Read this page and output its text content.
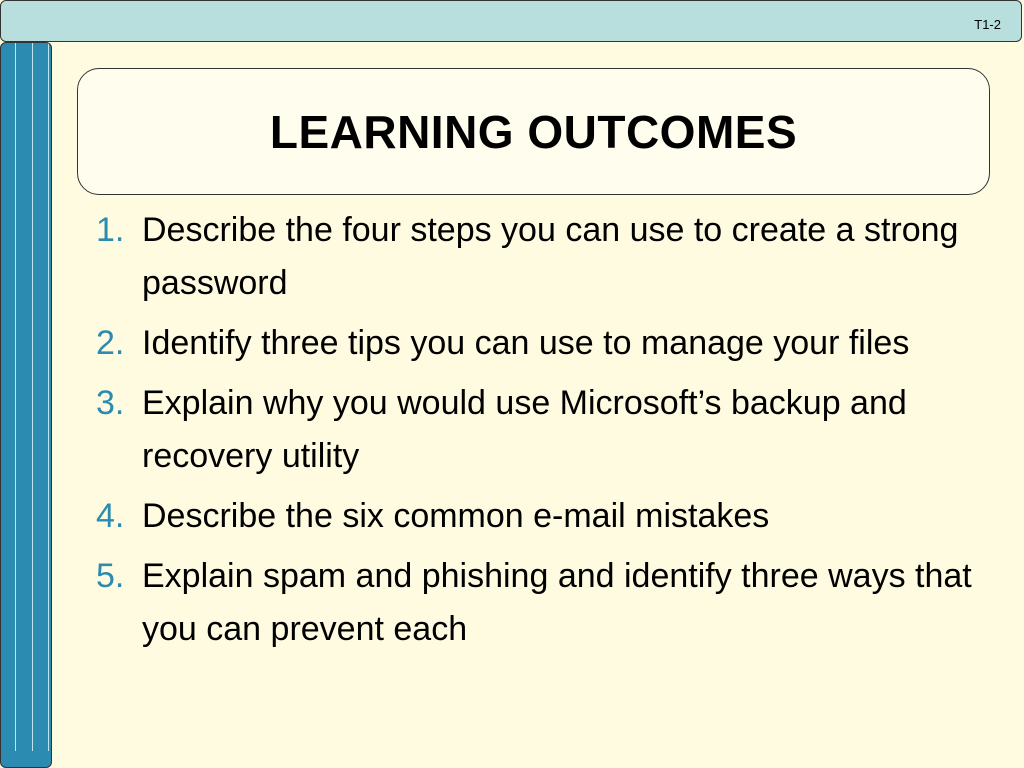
T1-2
LEARNING OUTCOMES
1. Describe the four steps you can use to create a strong password
2. Identify three tips you can use to manage your files
3. Explain why you would use Microsoft’s backup and recovery utility
4. Describe the six common e-mail mistakes
5. Explain spam and phishing and identify three ways that you can prevent each
